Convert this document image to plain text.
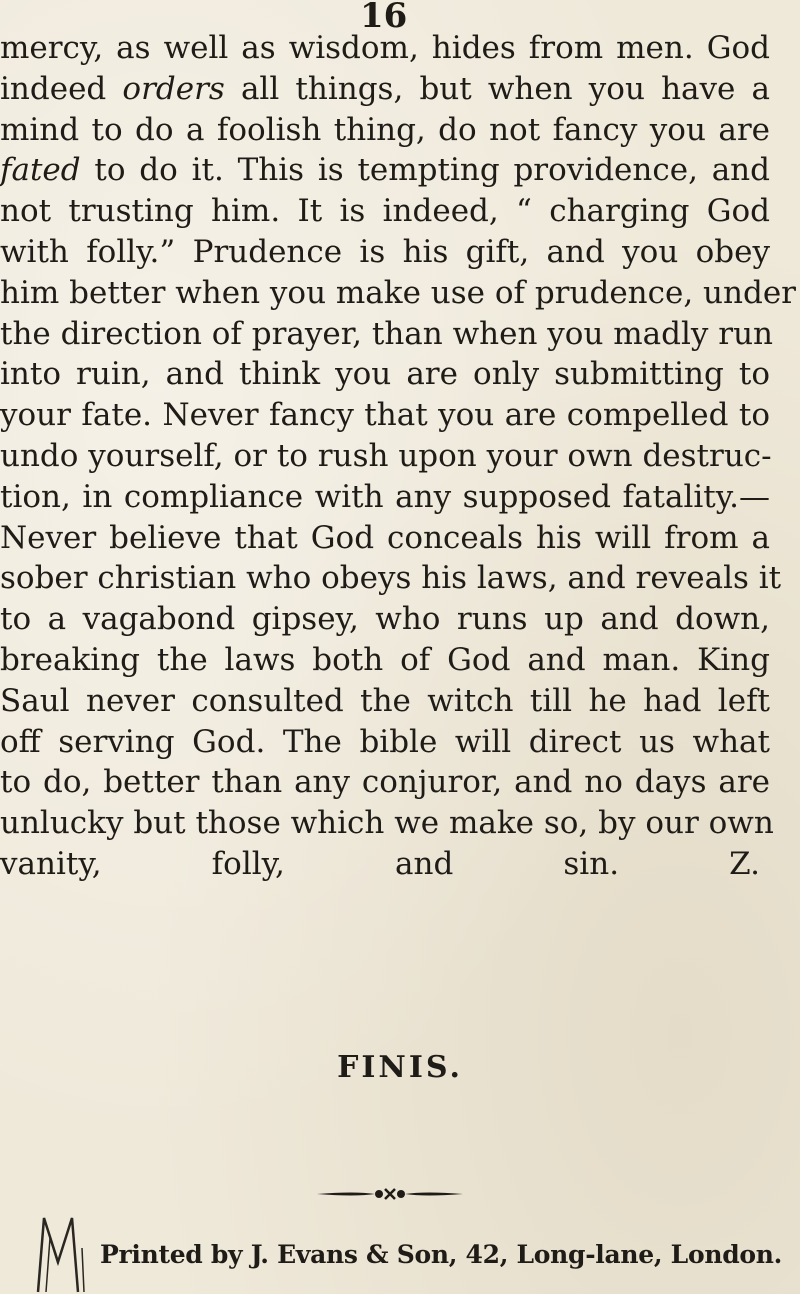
16
mercy, as well as wisdom, hides from men. God
indeed orders all things, but when you have a
mind to do a foolish thing, do not fancy you are
fated to do it. This is tempting providence, and
not trusting him. It is indeed, “ charging God
with folly.” Prudence is his gift, and you obey
him better when you make use of prudence, under
the direction of prayer, than when you madly run
into ruin, and think you are only submitting to
your fate. Never fancy that you are compelled to
undo yourself, or to rush upon your own destruc-
tion, in compliance with any supposed fatality.—
Never believe that God conceals his will from a
sober christian who obeys his laws, and reveals it
to a vagabond gipsey, who runs up and down,
breaking the laws both of God and man. King
Saul never consulted the witch till he had left
off serving God. The bible will direct us what
to do, better than any conjuror, and no days are
unlucky but those which we make so, by our own
vanity, folly, and sin. Z.
FINIS.
Printed by J. Evans & Son, 42, Long-lane, London.
